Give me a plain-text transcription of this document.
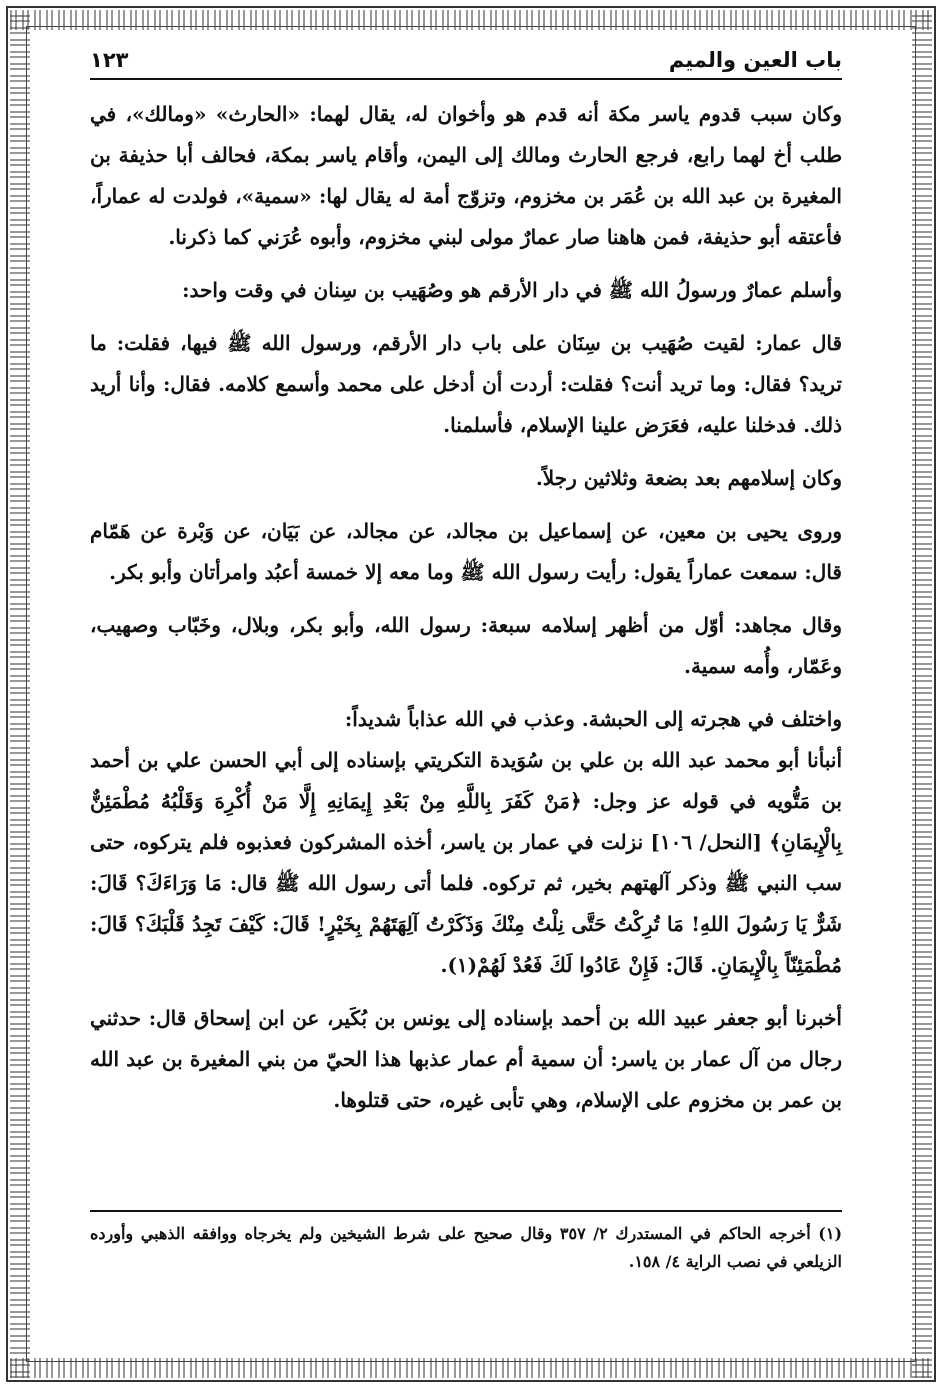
باب العين والميم
١٢٣

وكان سبب قدوم ياسر مكة أنه قدم هو وأخوان له، يقال لهما: «الحارث» «ومالك»، في طلب أخ لهما رابع، فرجع الحارث ومالك إلى اليمن، وأقام ياسر بمكة، فحالف أبا حذيفة بن المغيرة بن عبد الله بن عُمَر بن مخزوم، وتزوّج أمة له يقال لها: «سمية»، فولدت له عماراً، فأعتقه أبو حذيفة، فمن هاهنا صار عمارٌ مولى لبني مخزوم، وأبوه عُرَني كما ذكرنا.

وأسلم عمارٌ ورسولُ الله ﷺ في دار الأرقم هو وصُهَيب بن سِنان في وقت واحد:

قال عمار: لقيت صُهَيب بن سِنَان على باب دار الأرقم، ورسول الله ﷺ فيها، فقلت: ما تريد؟ فقال: وما تريد أنت؟ فقلت: أردت أن أدخل على محمد وأسمع كلامه. فقال: وأنا أريد ذلك. فدخلنا عليه، فعَرَض علينا الإسلام، فأسلمنا.

وكان إسلامهم بعد بضعة وثلاثين رجلاً.

وروى يحيى بن معين، عن إسماعيل بن مجالد، عن مجالد، عن بَيَان، عن وَبْرة عن هَمّام قال: سمعت عماراً يقول: رأيت رسول الله ﷺ وما معه إلا خمسة أعبُد وامرأتان وأبو بكر.

وقال مجاهد: أوّل من أظهر إسلامه سبعة: رسول الله، وأبو بكر، وبلال، وخَبّاب وصهيب، وعَمّار، وأُمه سمية.

واختلف في هجرته إلى الحبشة. وعذب في الله عذاباً شديداً:

أنبأنا أبو محمد عبد الله بن علي بن سُوَيدة التكريتي بإسناده إلى أبي الحسن علي بن أحمد بن مَتُّويه في قوله عز وجل: ﴿مَنْ كَفَرَ بِاللَّهِ مِنْ بَعْدِ إِيمَانِهِ إِلَّا مَنْ أُكْرِهَ وَقَلْبُهُ مُطْمَئِنٌّ بِالْإِيمَانِ﴾ [النحل/ ١٠٦] نزلت في عمار بن ياسر، أخذه المشركون فعذبوه فلم يتركوه، حتى سب النبي ﷺ وذكر آلهتهم بخير، ثم تركوه. فلما أتى رسول الله ﷺ قال: مَا وَرَاءَكَ؟ قَالَ: شَرٌّ يَا رَسُولَ اللهِ! مَا تُرِكْتُ حَتَّى نِلْتُ مِنْكَ وَذَكَرْتُ آلِهَتَهُمْ بِخَيْرٍ! قَالَ: كَيْفَ تَجِدُ قَلْبَكَ؟ قَالَ: مُطْمَئِنّاً بِالْإِيمَانِ. قَالَ: فَإِنْ عَادُوا لَكَ فَعُدْ لَهُمْ(١).

أخبرنا أبو جعفر عبيد الله بن أحمد بإسناده إلى يونس بن بُكَير، عن ابن إسحاق قال: حدثني رجال من آل عمار بن ياسر: أن سمية أم عمار عذبها هذا الحيّ من بني المغيرة بن عبد الله بن عمر بن مخزوم على الإسلام، وهي تأبى غيره، حتى قتلوها.

(١) أخرجه الحاكم في المستدرك ٢/ ٣٥٧ وقال صحيح على شرط الشيخين ولم يخرجاه ووافقه الذهبي وأورده الزيلعي في نصب الراية ٤/ ١٥٨.
